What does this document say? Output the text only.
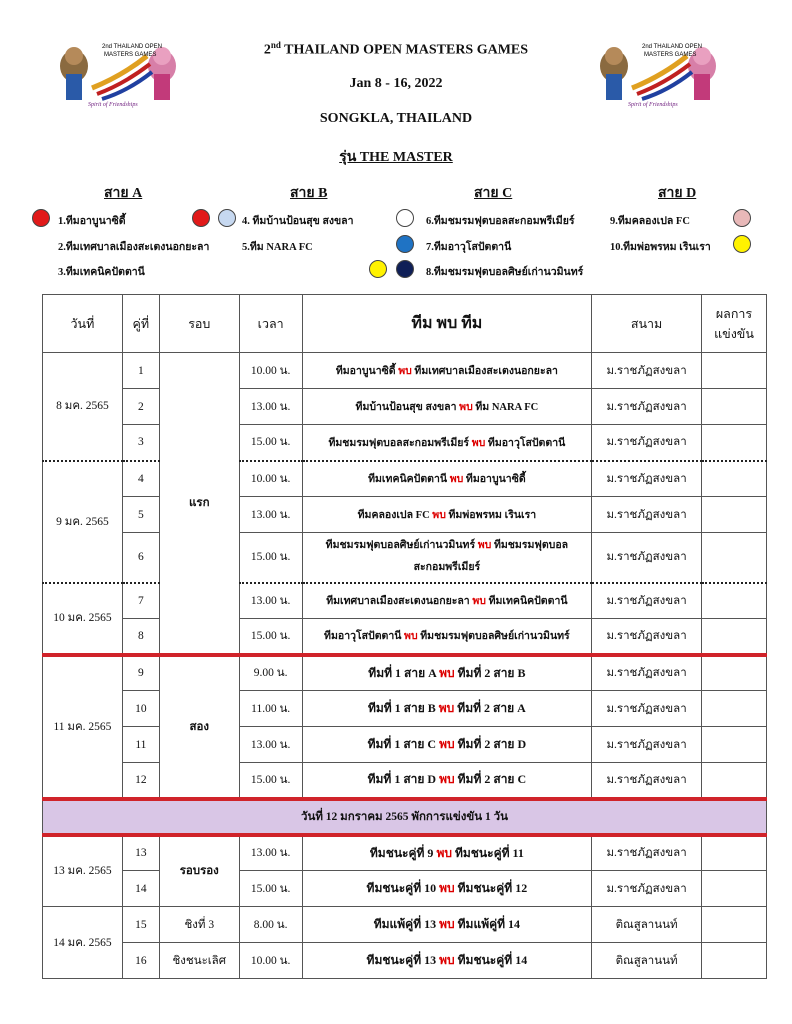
2nd THAILAND OPEN
MASTERS GAMES
Spirit of Friendships
2nd THAILAND OPEN
MASTERS GAMES
Spirit of Friendships
2nd THAILAND OPEN MASTERS GAMES
Jan 8 - 16, 2022
SONGKLA, THAILAND
รุ่น THE MASTER
สาย A	สาย B	สาย C	สาย D
1.ทีมอาบูนาซิดี้
2.ทีมเทศบาลเมืองสะเตงนอกยะลา
3.ทีมเทคนิคปัตตานี
4. ทีมบ้านป้อนสุข สงขลา
5.ทีม NARA FC
6.ทีมชมรมฟุตบอลสะกอมพรีเมียร์
7.ทีมอาวุโสปัตตานี
8.ทีมชมรมฟุตบอลศิษย์เก่านวมินทร์
9.ทีมคลองเปล FC
10.ทีมพ่อพรหม เรินเรา
วันที่	คู่ที่	รอบ	เวลา	ทีม พบ ทีม	สนาม	ผลการ
แข่งขัน
8 มค. 2565	1	แรก	10.00 น.	ทีมอาบูนาซิดี้ พบ ทีมเทศบาลเมืองสะเตงนอกยะลา	ม.ราชภัฏสงขลา	
	2		13.00 น.	ทีมบ้านป้อนสุข สงขลา พบ ทีม NARA FC	ม.ราชภัฏสงขลา	
	3		15.00 น.	ทีมชมรมฟุตบอลสะกอมพรีเมียร์ พบ ทีมอาวุโสปัตตานี	ม.ราชภัฏสงขลา	
9 มค. 2565	4		10.00 น.	ทีมเทคนิคปัตตานี พบ ทีมอาบูนาซิดี้	ม.ราชภัฏสงขลา	
	5		13.00 น.	ทีมคลองเปล FC พบ ทีมพ่อพรหม เรินเรา	ม.ราชภัฏสงขลา	
	6		15.00 น.	ทีมชมรมฟุตบอลศิษย์เก่านวมินทร์ พบ ทีมชมรมฟุตบอล
สะกอมพรีเมียร์	ม.ราชภัฏสงขลา	
10 มค. 2565	7		13.00 น.	ทีมเทศบาลเมืองสะเตงนอกยะลา พบ ทีมเทคนิคปัตตานี	ม.ราชภัฏสงขลา	
	8		15.00 น.	ทีมอาวุโสปัตตานี พบ ทีมชมรมฟุตบอลศิษย์เก่านวมินทร์	ม.ราชภัฏสงขลา	
11 มค. 2565	9	สอง	9.00 น.	ทีมที่ 1 สาย A พบ ทีมที่ 2 สาย B	ม.ราชภัฏสงขลา	
	10		11.00 น.	ทีมที่ 1 สาย B พบ ทีมที่ 2 สาย A	ม.ราชภัฏสงขลา	
	11		13.00 น.	ทีมที่ 1 สาย C พบ ทีมที่ 2 สาย D	ม.ราชภัฏสงขลา	
	12		15.00 น.	ทีมที่ 1 สาย D พบ ทีมที่ 2 สาย C	ม.ราชภัฏสงขลา	
วันที่ 12 มกราคม 2565 พักการแข่งขัน 1 วัน						
13 มค. 2565	13	รอบรอง	13.00 น.	ทีมชนะคู่ที่ 9 พบ ทีมชนะคู่ที่ 11	ม.ราชภัฏสงขลา	
	14		15.00 น.	ทีมชนะคู่ที่ 10 พบ ทีมชนะคู่ที่ 12	ม.ราชภัฏสงขลา	
14 มค. 2565	15	ชิงที่ 3	8.00 น.	ทีมแพ้คู่ที่ 13 พบ ทีมแพ้คู่ที่ 14	ติณสูลานนท์	
	16	ชิงชนะเลิศ	10.00 น.	ทีมชนะคู่ที่ 13 พบ ทีมชนะคู่ที่ 14	ติณสูลานนท์	
